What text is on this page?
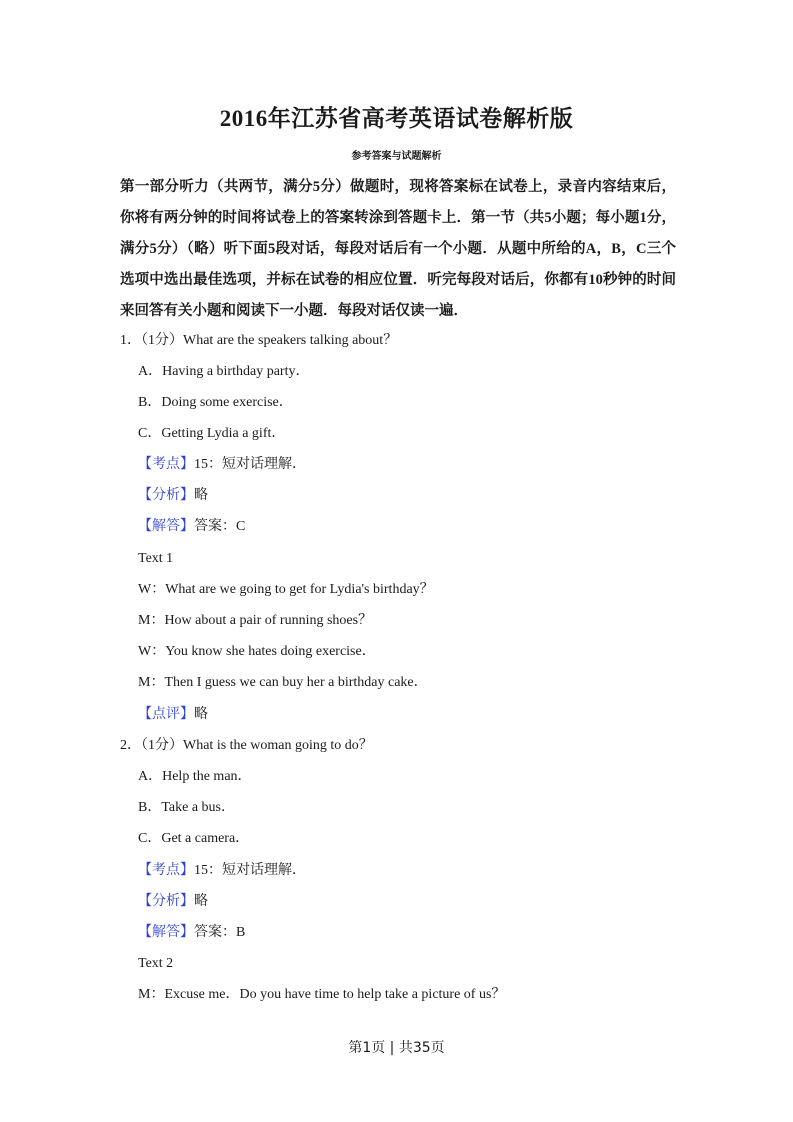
2016年江苏省高考英语试卷解析版
参考答案与试题解析

第一部分听力（共两节，满分5分）做题时，现将答案标在试卷上，录音内容结束后，你将有两分钟的时间将试卷上的答案转涂到答题卡上．第一节（共5小题；每小题1分，满分5分）（略）听下面5段对话，每段对话后有一个小题．从题中所给的A，B，C三个选项中选出最佳选项，并标在试卷的相应位置．听完每段对话后，你都有10秒钟的时间来回答有关小题和阅读下一小题．每段对话仅读一遍．

1．（1分）What are the speakers talking about？
A．Having a birthday party．
B．Doing some exercise．
C．Getting Lydia a gift．
【考点】15：短对话理解．
【分析】略
【解答】答案：C
Text 1
W：What are we going to get for Lydia's birthday？
M：How about a pair of running shoes？
W：You know she hates doing exercise．
M：Then I guess we can buy her a birthday cake．
【点评】略
2．（1分）What is the woman going to do？
A．Help the man．
B．Take a bus．
C．Get a camera．
【考点】15：短对话理解．
【分析】略
【解答】答案：B
Text 2
M：Excuse me．Do you have time to help take a picture of us？
第1页 | 共35页
